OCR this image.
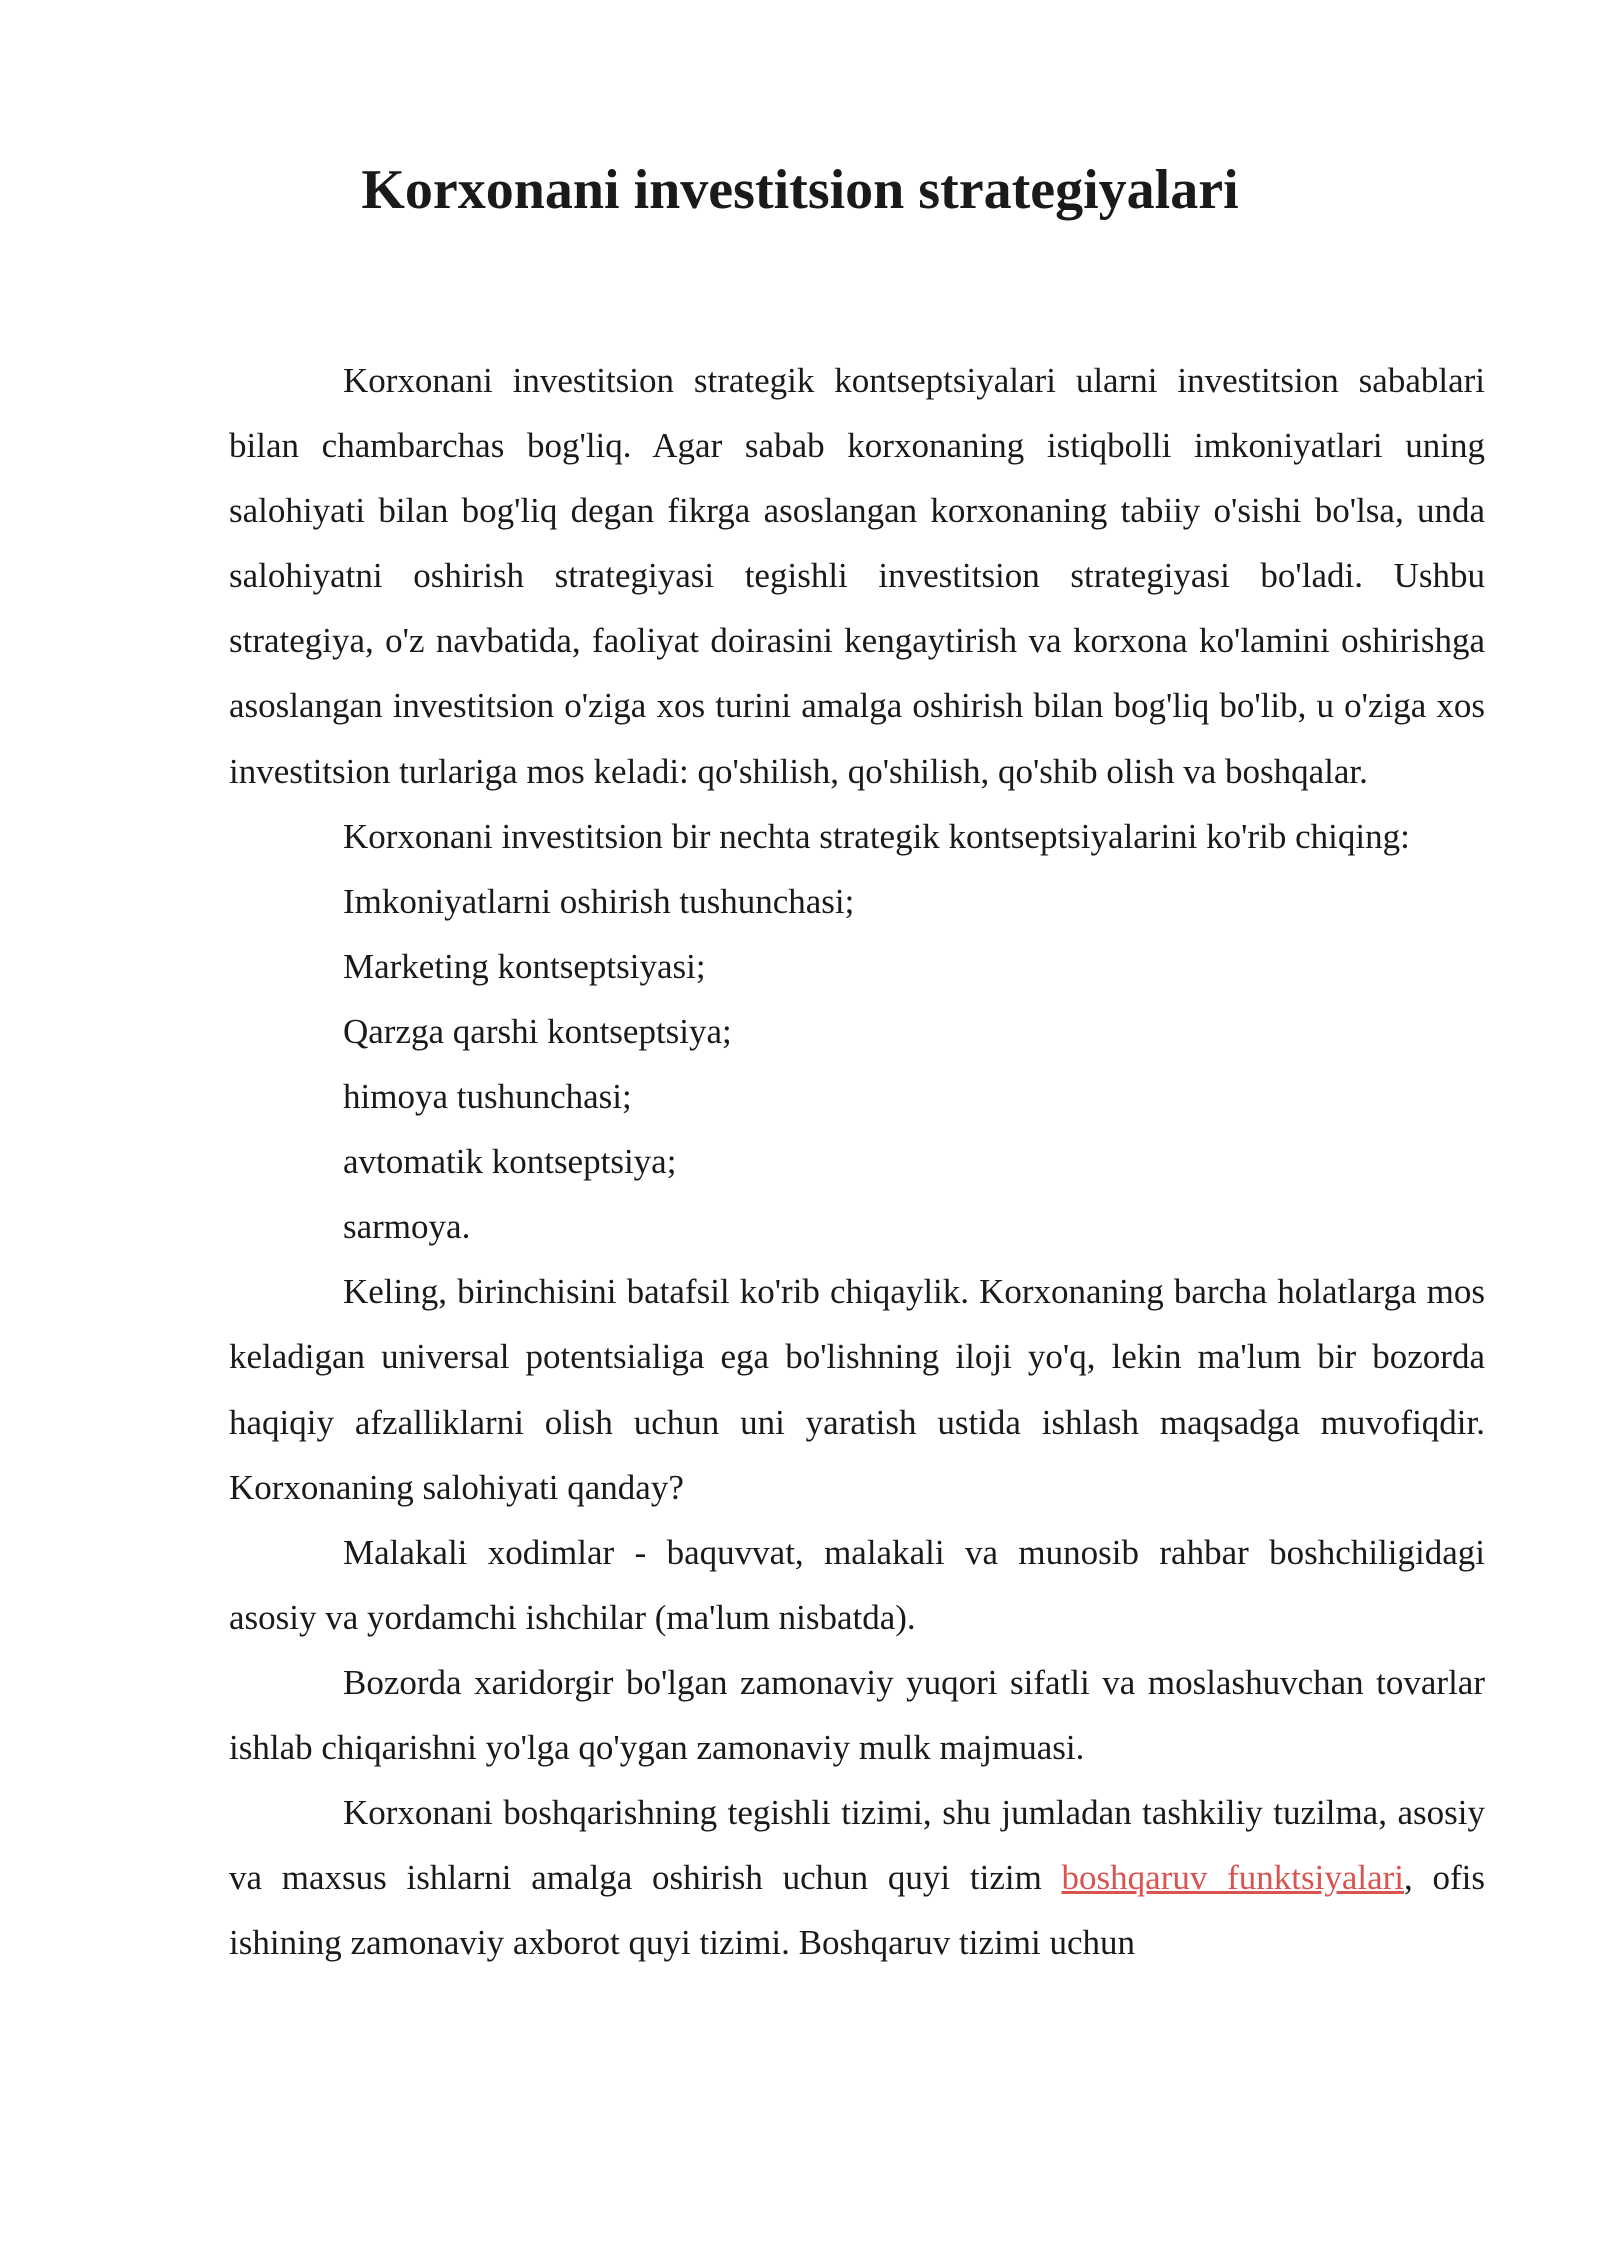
Korxonani investitsion strategiyalari

Korxonani investitsion strategik kontseptsiyalari ularni investitsion sabablari bilan chambarchas bog'liq. Agar sabab korxonaning istiqbolli imkoniyatlari uning salohiyati bilan bog'liq degan fikrga asoslangan korxonaning tabiiy o'sishi bo'lsa, unda salohiyatni oshirish strategiyasi tegishli investitsion strategiyasi bo'ladi. Ushbu strategiya, o'z navbatida, faoliyat doirasini kengaytirish va korxona ko'lamini oshirishga asoslangan investitsion o'ziga xos turini amalga oshirish bilan bog'liq bo'lib, u o'ziga xos investitsion turlariga mos keladi: qo'shilish, qo'shilish, qo'shib olish va boshqalar.

Korxonani investitsion bir nechta strategik kontseptsiyalarini ko'rib chiqing:

Imkoniyatlarni oshirish tushunchasi;

Marketing kontseptsiyasi;

Qarzga qarshi kontseptsiya;

himoya tushunchasi;

avtomatik kontseptsiya;

sarmoya.

Keling, birinchisini batafsil ko'rib chiqaylik. Korxonaning barcha holatlarga mos keladigan universal potentsialiga ega bo'lishning iloji yo'q, lekin ma'lum bir bozorda haqiqiy afzalliklarni olish uchun uni yaratish ustida ishlash maqsadga muvofiqdir. Korxonaning salohiyati qanday?

Malakali xodimlar - baquvvat, malakali va munosib rahbar boshchiligidagi asosiy va yordamchi ishchilar (ma'lum nisbatda).

Bozorda xaridorgir bo'lgan zamonaviy yuqori sifatli va moslashuvchan tovarlar ishlab chiqarishni yo'lga qo'ygan zamonaviy mulk majmuasi.

Korxonani boshqarishning tegishli tizimi, shu jumladan tashkiliy tuzilma, asosiy va maxsus ishlarni amalga oshirish uchun quyi tizim boshqaruv funktsiyalari, ofis ishining zamonaviy axborot quyi tizimi. Boshqaruv tizimi uchun
